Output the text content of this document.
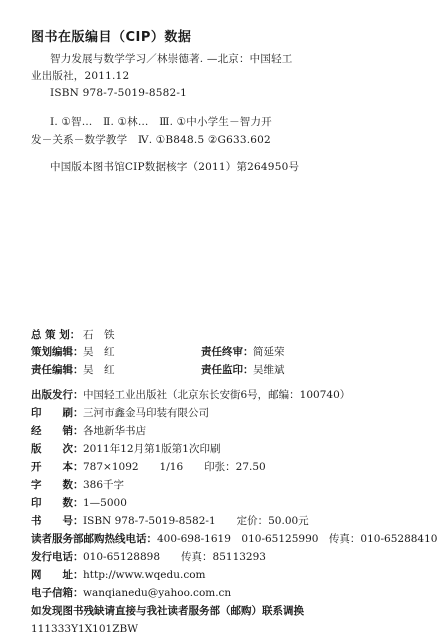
图书在版编目（CIP）数据
智力发展与数学学习／林崇德著. —北京：中国轻工
业出版社，2011.12
ISBN 978-7-5019-8582-1
Ⅰ. ①智…　Ⅱ. ①林…　Ⅲ. ①中小学生－智力开
发－关系－数学教学　Ⅳ. ①B848.5 ②G633.602
中国版本图书馆CIP数据核字（2011）第264950号
总 策 划： 石　铁
策划编辑：吴　红	责任终审：简延荣
责任编辑：吴　红	责任监印：吴维斌
出版发行：中国轻工业出版社（北京东长安街6号，邮编：100740）
印　　刷：三河市鑫金马印装有限公司
经　　销：各地新华书店
版　　次：2011年12月第1版第1次印刷
开　　本：787×1092　　1/16　　印张：27.50
字　　数：386千字
印　　数：1—5000
书　　号：ISBN 978-7-5019-8582-1　　定价：50.00元
读者服务部邮购热线电话：400-698-1619　010-65125990　传真：010-65288410
发行电话：010-65128898　　传真：85113293
网　　址：http://www.wqedu.com
电子信箱：wanqianedu@yahoo.com.cn
如发现图书残缺请直接与我社读者服务部（邮购）联系调换
111333Y1X101ZBW
